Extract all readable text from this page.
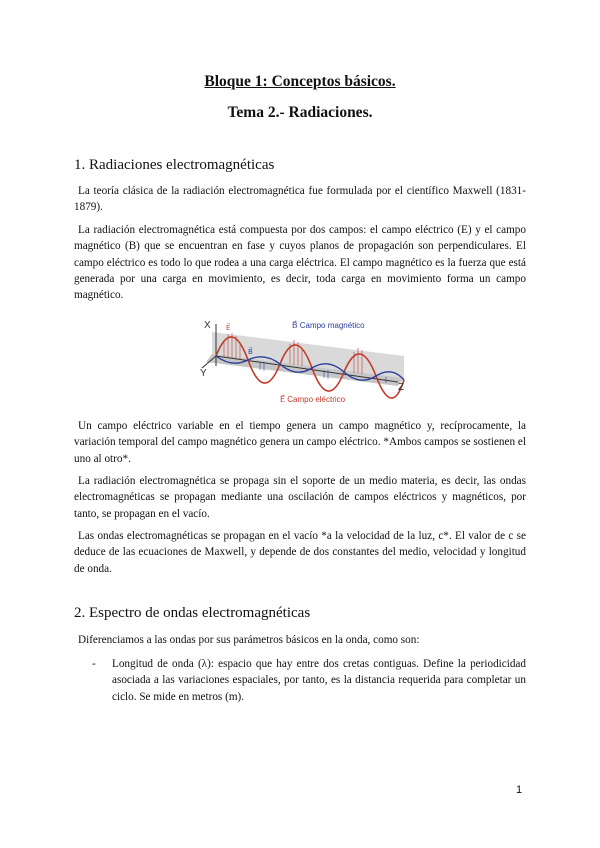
Bloque 1: Conceptos básicos.
Tema 2.- Radiaciones.
1. Radiaciones electromagnéticas
La teoría clásica de la radiación electromagnética fue formulada por el científico Maxwell (1831-1879).
La radiación electromagnética está compuesta por dos campos: el campo eléctrico (E) y el campo magnético (B) que se encuentran en fase y cuyos planos de propagación son perpendiculares. El campo eléctrico es todo lo que rodea a una carga eléctrica. El campo magnético es la fuerza que está generada por una carga en movimiento, es decir, toda carga en movimiento forma un campo magnético.
X
Y
Z
E⃗
B⃗
B⃗ Campo magnético
E⃗ Campo eléctrico
Un campo eléctrico variable en el tiempo genera un campo magnético y, recíprocamente, la variación temporal del campo magnético genera un campo eléctrico. *Ambos campos se sostienen el uno al otro*.
La radiación electromagnética se propaga sin el soporte de un medio materia, es decir, las ondas electromagnéticas se propagan mediante una oscilación de campos eléctricos y magnéticos, por tanto, se propagan en el vacío.
Las ondas electromagnéticas se propagan en el vacío *a la velocidad de la luz, c*. El valor de c se deduce de las ecuaciones de Maxwell, y depende de dos constantes del medio, velocidad y longitud de onda.
2. Espectro de ondas electromagnéticas
Diferenciamos a las ondas por sus parámetros básicos en la onda, como son:
-	Longitud de onda (λ): espacio que hay entre dos cretas contiguas. Define la periodicidad asociada a las variaciones espaciales, por tanto, es la distancia requerida para completar un ciclo. Se mide en metros (m).
1
